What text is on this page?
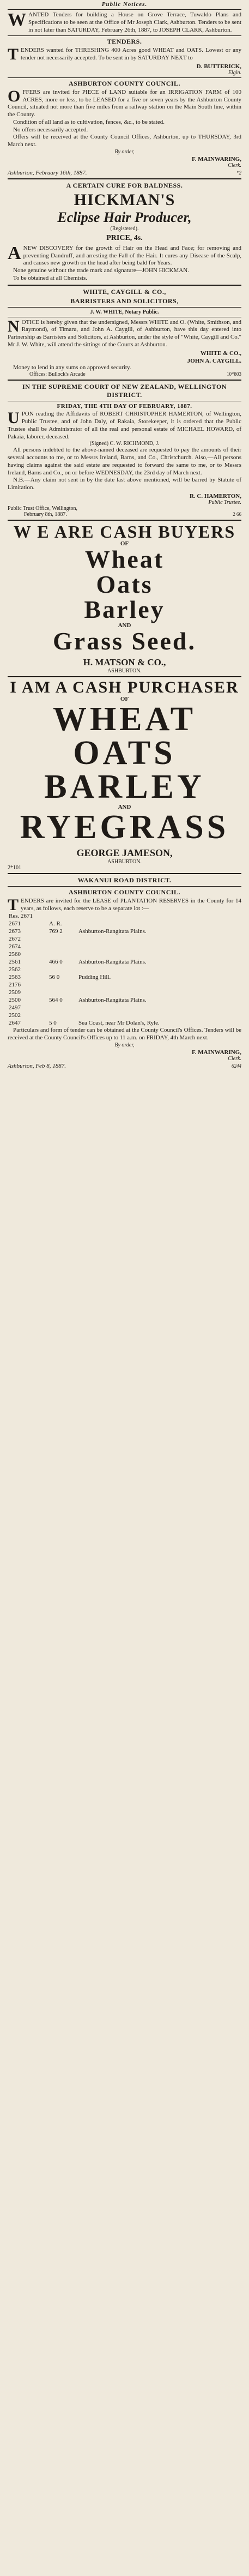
Public Notices.
W ANTED Tenders for building a House on Grove Terrace, Tuwaldo Plans and Specifications to be seen at the Office of Mr Joseph Clark, Ashburton. Tenders to be sent in not later than SATURDAY, February 26th, 1887, to JOSEPH CLARK, Ashburton.
TENDERS.
T ENDERS wanted for THRESHING 400 Acres good WHEAT and OATS. Lowest or any tender not necessarily accepted. To be sent in by SATURDAY NEXT to
D. BUTTERICK,
Elgin.
ASHBURTON COUNTY COUNCIL.
O FFERS are invited for PIECE of LAND suitable for an IRRIGATION FARM of 100 ACRES, more or less, to be LEASED for a five or seven years by the Ashburton County Council, situated not more than five miles from a railway station on the Main South line, within the County.
Condition of all land as to cultivation, fences, &c., to be stated.
No offers necessarily accepted.
Offers will be received at the County Council Offices, Ashburton, up to THURSDAY, 3rd March next.
By order,
F. MAINWARING,
Clerk.
Ashburton, February 16th, 1887.	*2
A CERTAIN CURE FOR BALDNESS.
HICKMAN'S
Eclipse Hair Producer,
(Registered).
PRICE, 4s.
A NEW DISCOVERY for the growth of Hair on the Head and Face; for removing and preventing Dandruff, and arresting the Fall of the Hair. It cures any Disease of the Scalp, and causes new growth on the head after being bald for Years.
None genuine without the trade mark and signature—JOHN HICKMAN.
To be obtained at all Chemists.
WHITE, CAYGILL & CO.,
BARRISTERS AND SOLICITORS,
J. W. WHITE, Notary Public.
N OTICE is hereby given that the undersigned, Messrs WHITE and O. (White, Smithson, and Raymond), of Timaru, and John A. Caygill, of Ashburton, have this day entered into Partnership as Barristers and Solicitors, at Ashburton, under the style of "White, Caygill and Co." Mr J. W. White, will attend the sittings of the Courts at Ashburton.
WHITE & CO.,
JOHN A. CAYGILL.
Money to lend in any sums on approved security.
Offices: Bullock's Arcade	10*803
IN THE SUPREME COURT OF NEW ZEALAND, WELLINGTON DISTRICT.
FRIDAY, THE 4TH DAY OF FEBRUARY, 1887.
U PON reading the Affidavits of ROBERT CHRISTOPHER HAMERTON, of Wellington, Public Trustee, and of John Daly, of Rakaia, Storekeeper, it is ordered that the Public Trustee shall be Administrator of all the real and personal estate of MICHAEL HOWARD, of Pakaia, laborer, deceased.
(Signed) C. W. RICHMOND, J.
All persons indebted to the above-named deceased are requested to pay the amounts of their several accounts to me, or to Messrs Ireland, Barns, and Co., Christchurch. Also,—All persons having claims against the said estate are requested to forward the same to me, or to Messrs Ireland, Barns and Co., on or before WEDNESDAY, the 23rd day of March next.
N.B.—Any claim not sent in by the date last above mentioned, will be barred by Statute of Limitation.
R. C. HAMERTON,
Public Trustee.
Public Trust Office, Wellington,
February 8th, 1887.	2 66
W E ARE CASH BUYERS
OF
Wheat
Oats
Barley
AND
Grass Seed.
H. MATSON & CO.,
ASHBURTON.
I AM A CASH PURCHASER
OF
WHEAT
OATS
BARLEY
AND
RYEGRASS
GEORGE JAMESON,
ASHBURTON.
2*101
WAKANUI ROAD DISTRICT.
ASHBURTON COUNTY COUNCIL.
T ENDERS are invited for the LEASE of PLANTATION RESERVES in the County for 14 years, as follows, each reserve to be a separate lot :—
Res. 2671		
2671	A. R.	
2673	769 2	Ashburton-Rangitata Plains.
2672		
2674		
2560		
2561	466 0	Ashburton-Rangitata Plains.
2562		
2563	56 0	Pudding Hill.
2176		
2509		
2500	564 0	Ashburton-Rangitata Plains.
2497		
2502		
2647	5 0	Sea Coast, near Mr Dolan's, Ryle.
Particulars and form of tender can be obtained at the County Council's Offices. Tenders will be received at the County Council's Offices up to 11 a.m. on FRIDAY, 4th March next.
By order,
F. MAINWARING,
Clerk.
Ashburton, Feb 8, 1887.	6244
